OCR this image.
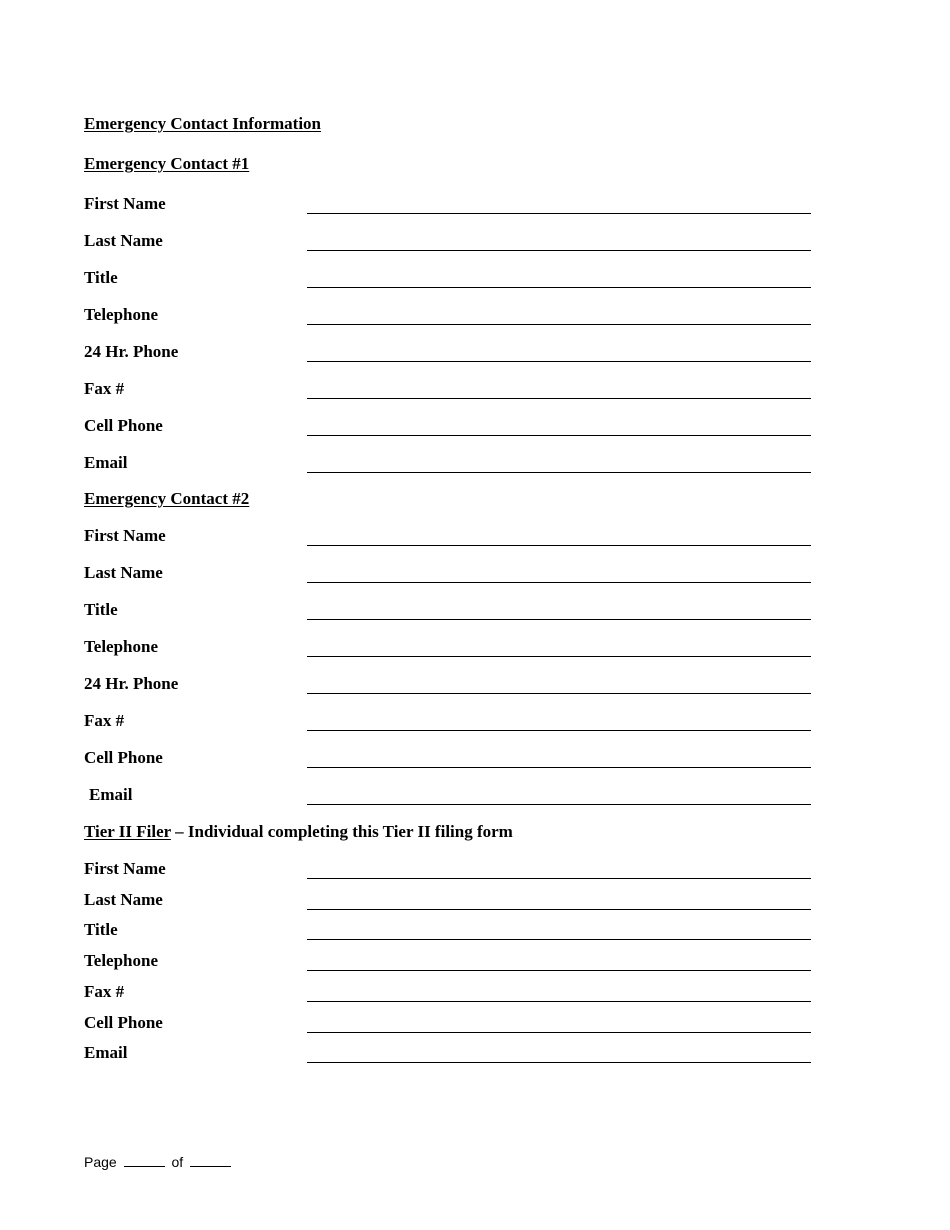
Emergency Contact Information
Emergency Contact #1
First Name
Last Name
Title
Telephone
24 Hr. Phone
Fax #
Cell Phone
Email
Emergency Contact #2
First Name
Last Name
Title
Telephone
24 Hr. Phone
Fax #
Cell Phone
Email
Tier II Filer – Individual completing this Tier II filing form
First Name
Last Name
Title
Telephone
Fax #
Cell Phone
Email
Page	of
